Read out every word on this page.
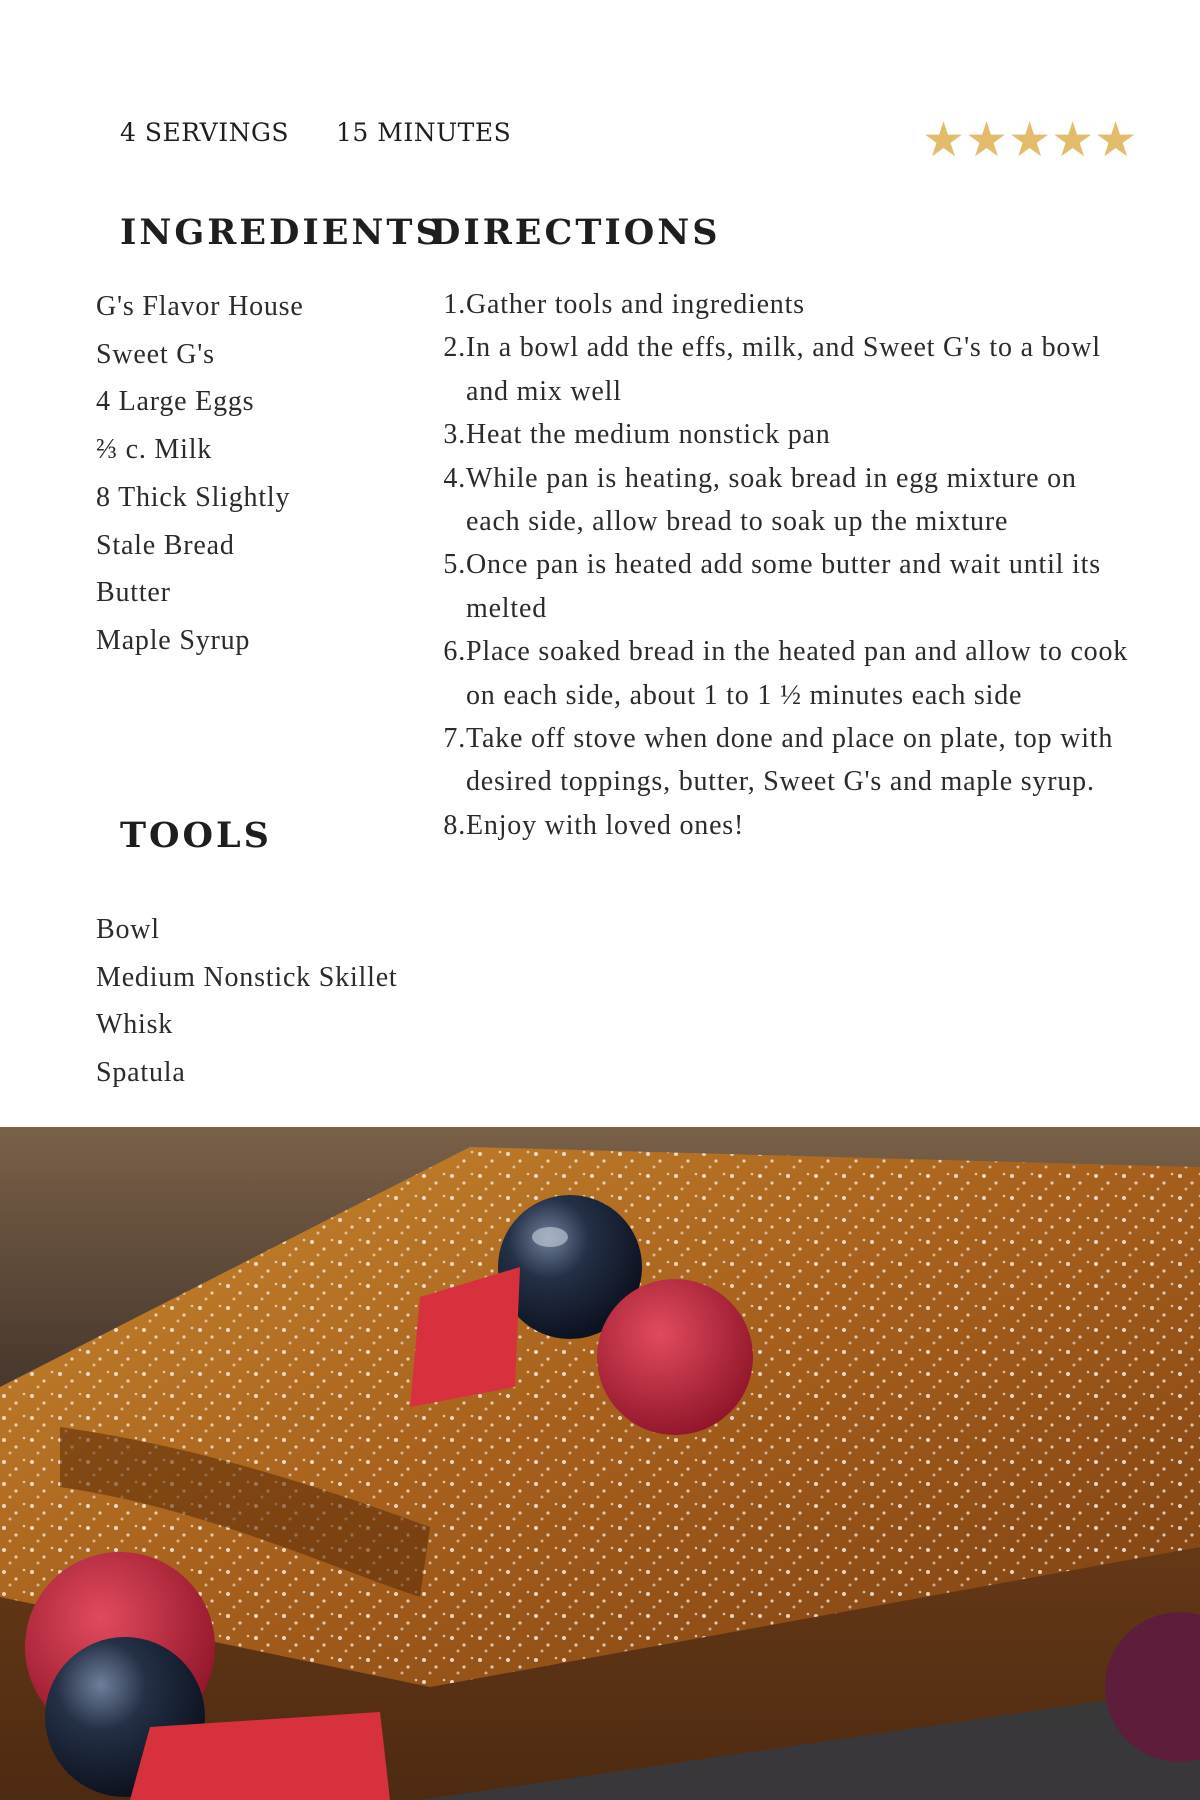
4 SERVINGS 15 MINUTES	★ ★ ★ ★ ★
INGREDIENTS
DIRECTIONS
G's Flavor House
Sweet G's
4 Large Eggs
⅔ c. Milk
8 Thick Slightly
Stale Bread
Butter
Maple Syrup
1. Gather tools and ingredients
2. In a bowl add the effs, milk, and Sweet G's to a bowl and mix well
3. Heat the medium nonstick pan
4. While pan is heating, soak bread in egg mixture on each side, allow bread to soak up the mixture
5. Once pan is heated add some butter and wait until its melted
6. Place soaked bread in the heated pan and allow to cook on each side, about 1 to 1 ½ minutes each side
7. Take off stove when done and place on plate, top with desired toppings, butter, Sweet G's and maple syrup.
8. Enjoy with loved ones!
TOOLS
Bowl
Medium Nonstick Skillet
Whisk
Spatula
